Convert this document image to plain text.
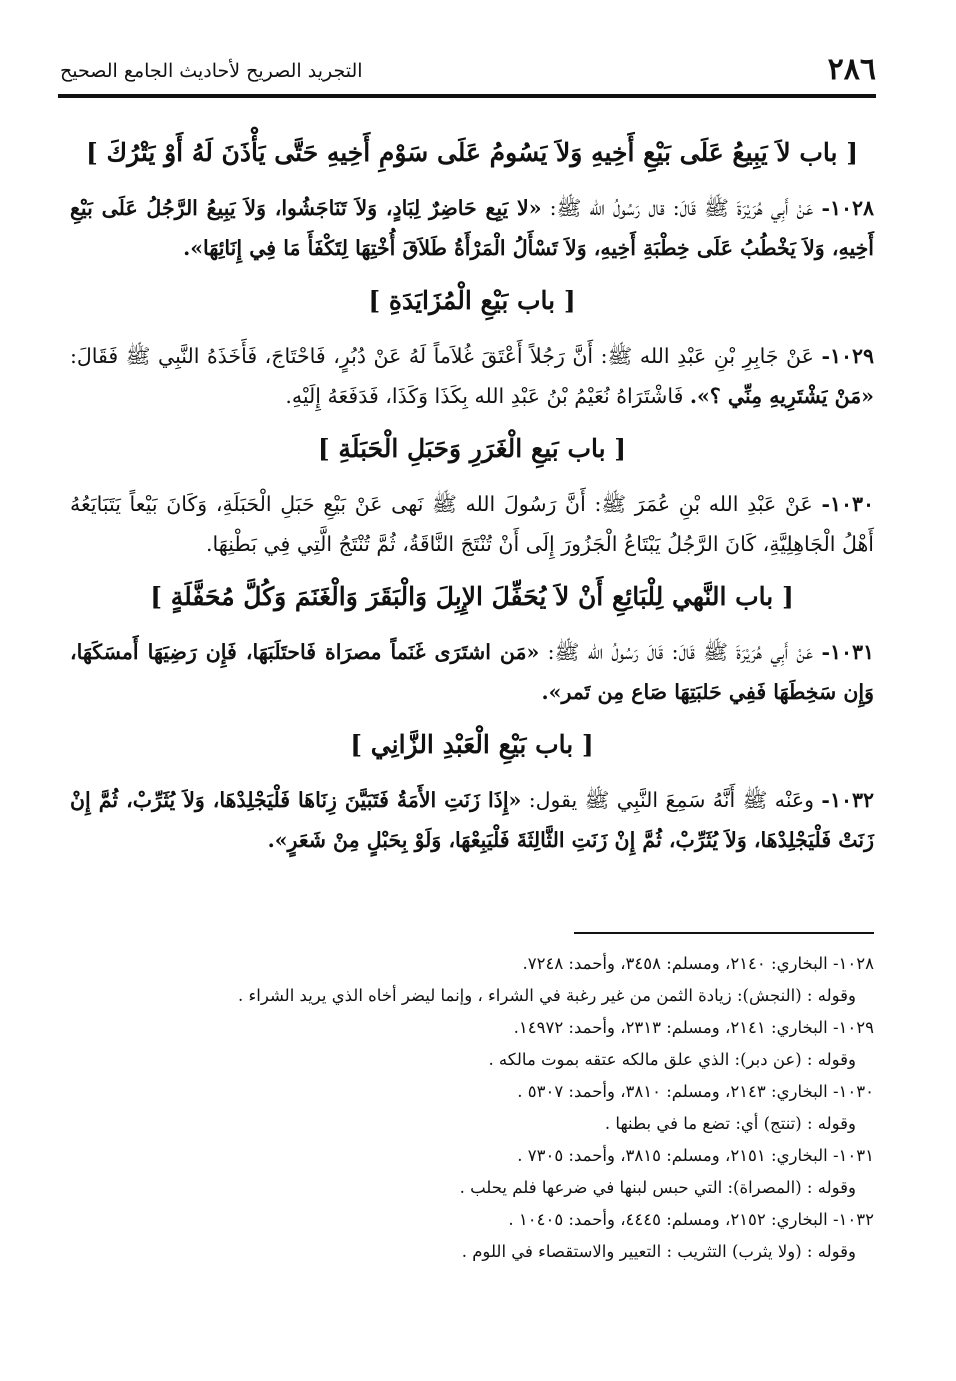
٢٨٦
التجريد الصريح لأحاديث الجامع الصحيح
[ باب لاَ يَبِيعُ عَلَى بَيْعِ أَخِيهِ وَلاَ يَسُومُ عَلَى سَوْمِ أَخِيهِ حَتَّى يَأْذَنَ لَهُ أَوْ يَتْرُكَ ]

١٠٢٨- عَنْ أَبِي هُرَيْرَةَ ﷺ قَالَ: قال رَسُولُ الله ﷺ: «لا يَبِع حَاضِرٌ لِبَادٍ، وَلاَ تَنَاجَشُوا، وَلاَ يَبِيعُ الرَّجُلُ عَلَى بَيْعِ أَخِيهِ، وَلاَ يَخْطُبُ عَلَى خِطْبَةِ أَخِيهِ، وَلاَ تَسْأَلُ الْمَرْأَةُ طَلاَقَ أُخْتِهَا لِتَكْفَأَ مَا فِي إِنَائِهَا».

[ باب بَيْعِ الْمُزَايَدَةِ ]

١٠٢٩- عَنْ جَابِرِ بْنِ عَبْدِ الله ﷺ: أَنَّ رَجُلاً أَعْتَقَ غُلاَماً لَهُ عَنْ دُبُرٍ، فَاحْتَاجَ، فَأَخَذَهُ النَّبِي ﷺ فَقَالَ: «مَنْ يَشْتَرِيهِ مِنِّي ؟». فَاشْتَرَاهُ نُعَيْمُ بْنُ عَبْدِ الله بِكَذَا وَكَذَا، فَدَفَعَهُ إِلَيْهِ.

[ باب بَيعِ الْغَرَرِ وَحَبَلِ الْحَبَلَةِ ]

١٠٣٠- عَنْ عَبْدِ الله بْنِ عُمَرَ ﷺ: أَنَّ رَسُولَ الله ﷺ نَهى عَنْ بَيْعِ حَبَلِ الْحَبَلَةِ، وَكَانَ بَيْعاً يَتَبَايَعُهُ أَهْلُ الْجَاهِلِيَّةِ، كَانَ الرَّجُلُ يَبْتَاعُ الْجَزُورَ إِلَى أَنْ تُنْتَجَ النَّاقَةُ، ثُمَّ تُنْتَجُ الَّتِي فِي بَطْنِهَا.

[ باب النَّهي لِلْبَائِعِ أَنْ لاَ يُحَفِّلَ الإِبِلَ وَالْبَقَرَ وَالْغَنَمَ وَكُلَّ مُحَفَّلَةٍ ]

١٠٣١- عَنْ أَبِي هُرَيْرَةَ ﷺ قَالَ: قَالَ رَسُولُ الله ﷺ: «مَن اشتَرَى غَنَماً مصرَاة فَاحتَلَبَهَا، فَإِن رَضِيَهَا أَمسَكَهَا، وَإِن سَخِطَهَا فَفِي حَلبَتِهَا صَاع مِن تَمر».

[ باب بَيْعِ الْعَبْدِ الزَّانِي ]

١٠٣٢- وعَنْه ﷺ أَنَّهُ سَمِعَ النَّبِي ﷺ يقول: «إِذَا زَنَتِ الأَمَةُ فَتَبَيَّنَ زِنَاهَا فَلْيَجْلِدْهَا، وَلاَ يُثَرِّبْ، ثُمَّ إِنْ زَنَتْ فَلْيَجْلِدْهَا، وَلاَ يُثَرِّبْ، ثُمَّ إِنْ زَنَتِ الثَّالِثَةَ فَلْيَبِعْهَا، وَلَوْ بِحَبْلٍ مِنْ شَعَرٍ».

١٠٢٨- البخاري: ٢١٤٠، ومسلم: ٣٤٥٨، وأحمد: ٧٢٤٨.

وقوله : (النجش): زيادة الثمن من غير رغبة في الشراء ، وإنما ليضر أخاه الذي يريد الشراء .

١٠٢٩- البخاري: ٢١٤١، ومسلم: ٢٣١٣، وأحمد: ١٤٩٧٢.

وقوله : (عن دبر): الذي علق مالكه عتقه بموت مالكه .

١٠٣٠- البخاري: ٢١٤٣، ومسلم: ٣٨١٠، وأحمد: ٥٣٠٧ .

وقوله : (تنتج) أي: تضع ما في بطنها .

١٠٣١- البخاري: ٢١٥١، ومسلم: ٣٨١٥، وأحمد: ٧٣٠٥ .

وقوله : (المصراة): التي حبس لبنها في ضرعها فلم يحلب .

١٠٣٢- البخاري: ٢١٥٢، ومسلم: ٤٤٤٥، وأحمد: ١٠٤٠٥ .

وقوله : (ولا يثرب) التثريب : التعيير والاستقصاء في اللوم .
